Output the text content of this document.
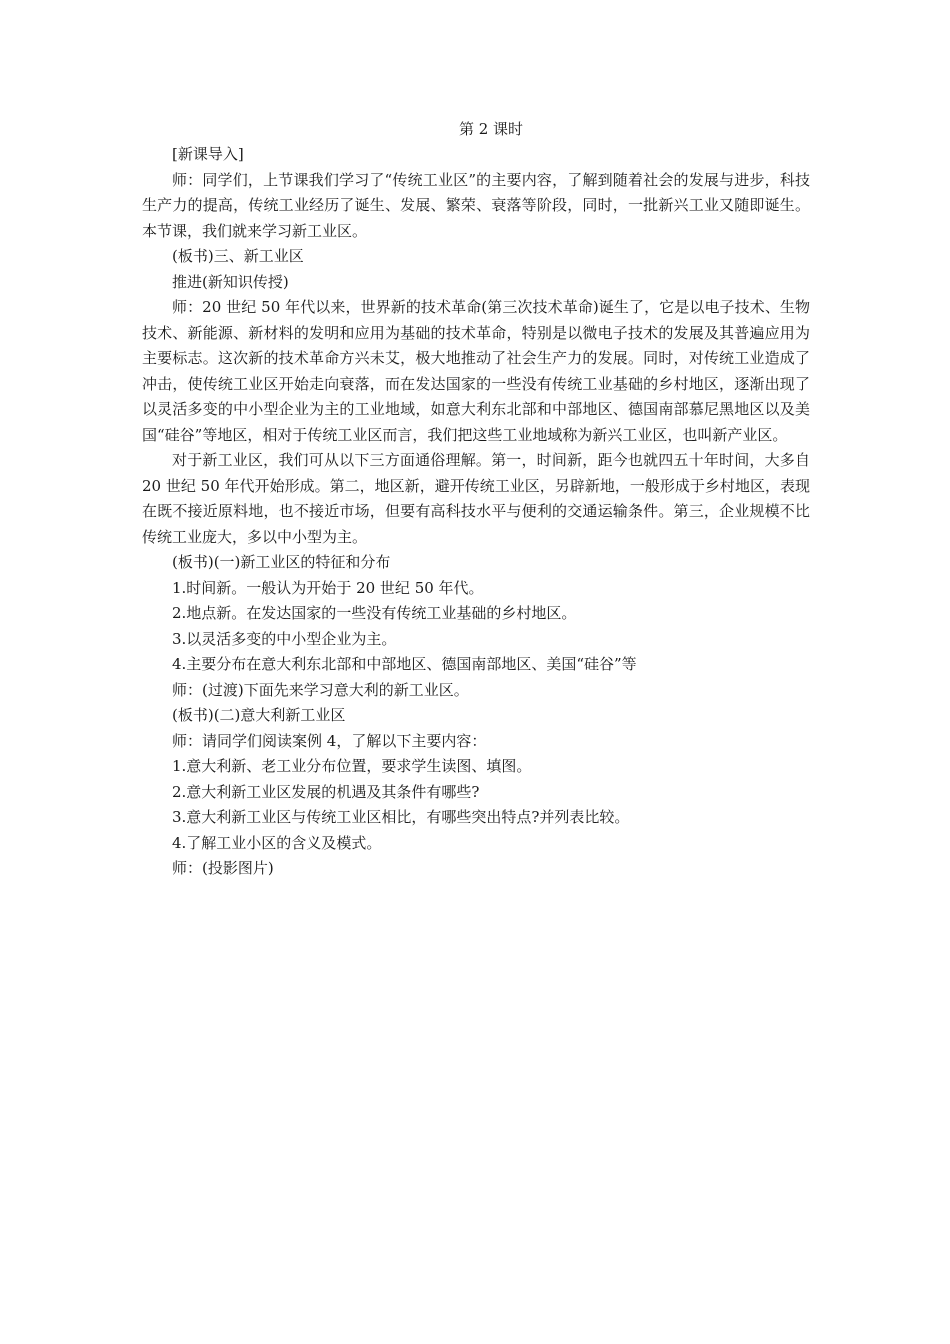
第 2 课时

[新课导入]

师：同学们，上节课我们学习了“传统工业区”的主要内容，了解到随着社会的发展与进步，科技生产力的提高，传统工业经历了诞生、发展、繁荣、衰落等阶段，同时，一批新兴工业又随即诞生。本节课，我们就来学习新工业区。

(板书)三、新工业区

推进(新知识传授)

师：20 世纪 50 年代以来，世界新的技术革命(第三次技术革命)诞生了，它是以电子技术、生物技术、新能源、新材料的发明和应用为基础的技术革命，特别是以微电子技术的发展及其普遍应用为主要标志。这次新的技术革命方兴未艾，极大地推动了社会生产力的发展。同时，对传统工业造成了冲击，使传统工业区开始走向衰落，而在发达国家的一些没有传统工业基础的乡村地区，逐渐出现了以灵活多变的中小型企业为主的工业地域，如意大利东北部和中部地区、德国南部慕尼黑地区以及美国“硅谷”等地区，相对于传统工业区而言，我们把这些工业地域称为新兴工业区，也叫新产业区。

对于新工业区，我们可从以下三方面通俗理解。第一，时间新，距今也就四五十年时间，大多自 20 世纪 50 年代开始形成。第二，地区新，避开传统工业区，另辟新地，一般形成于乡村地区，表现在既不接近原料地，也不接近市场，但要有高科技水平与便利的交通运输条件。第三，企业规模不比传统工业庞大，多以中小型为主。

(板书)(一)新工业区的特征和分布

1.时间新。一般认为开始于 20 世纪 50 年代。

2.地点新。在发达国家的一些没有传统工业基础的乡村地区。

3.以灵活多变的中小型企业为主。

4.主要分布在意大利东北部和中部地区、德国南部地区、美国“硅谷”等

师：(过渡)下面先来学习意大利的新工业区。

(板书)(二)意大利新工业区

师：请同学们阅读案例 4，了解以下主要内容：

1.意大利新、老工业分布位置，要求学生读图、填图。

2.意大利新工业区发展的机遇及其条件有哪些?

3.意大利新工业区与传统工业区相比，有哪些突出特点?并列表比较。

4.了解工业小区的含义及模式。

师：(投影图片)
